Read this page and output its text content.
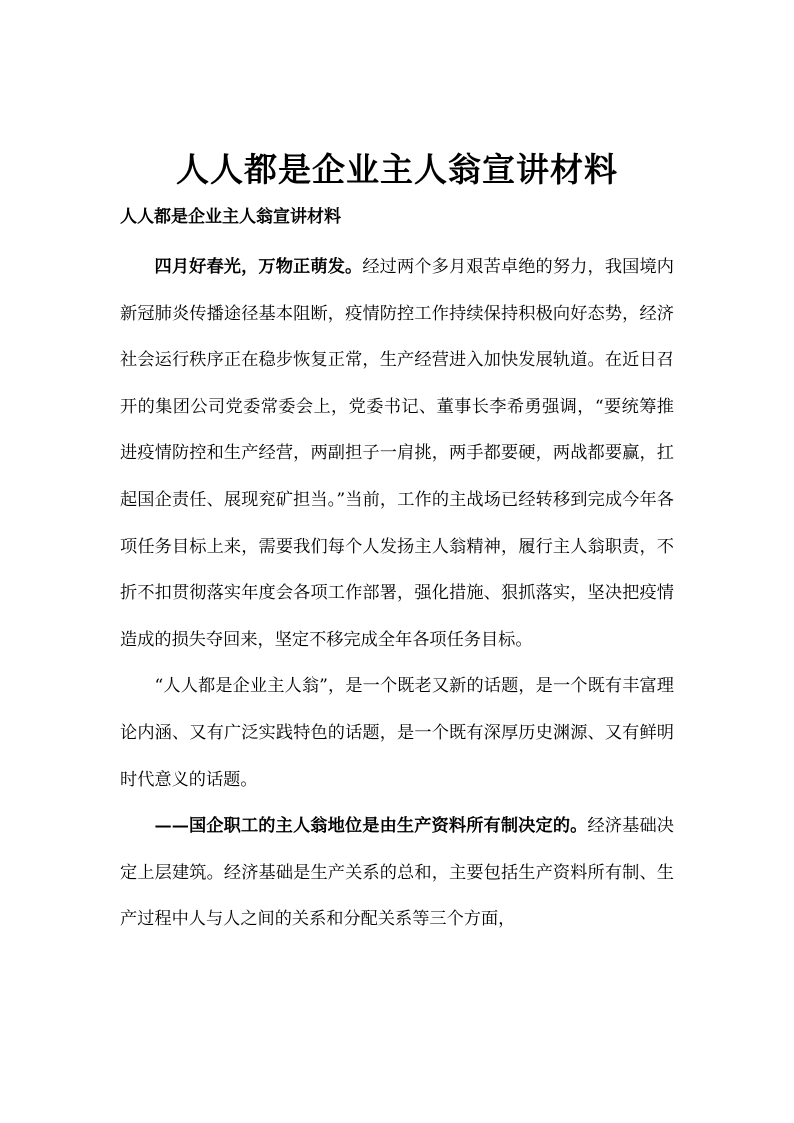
人人都是企业主人翁宣讲材料
人人都是企业主人翁宣讲材料

四月好春光，万物正萌发。经过两个多月艰苦卓绝的努力，我国境内新冠肺炎传播途径基本阻断，疫情防控工作持续保持积极向好态势，经济社会运行秩序正在稳步恢复正常，生产经营进入加快发展轨道。在近日召开的集团公司党委常委会上，党委书记、董事长李希勇强调，“要统筹推进疫情防控和生产经营，两副担子一肩挑，两手都要硬，两战都要赢，扛起国企责任、展现兖矿担当。”当前，工作的主战场已经转移到完成今年各项任务目标上来，需要我们每个人发扬主人翁精神，履行主人翁职责，不折不扣贯彻落实年度会各项工作部署，强化措施、狠抓落实，坚决把疫情造成的损失夺回来，坚定不移完成全年各项任务目标。

“人人都是企业主人翁”，是一个既老又新的话题，是一个既有丰富理论内涵、又有广泛实践特色的话题，是一个既有深厚历史渊源、又有鲜明时代意义的话题。

——国企职工的主人翁地位是由生产资料所有制决定的。经济基础决定上层建筑。经济基础是生产关系的总和，主要包括生产资料所有制、生产过程中人与人之间的关系和分配关系等三个方面，
